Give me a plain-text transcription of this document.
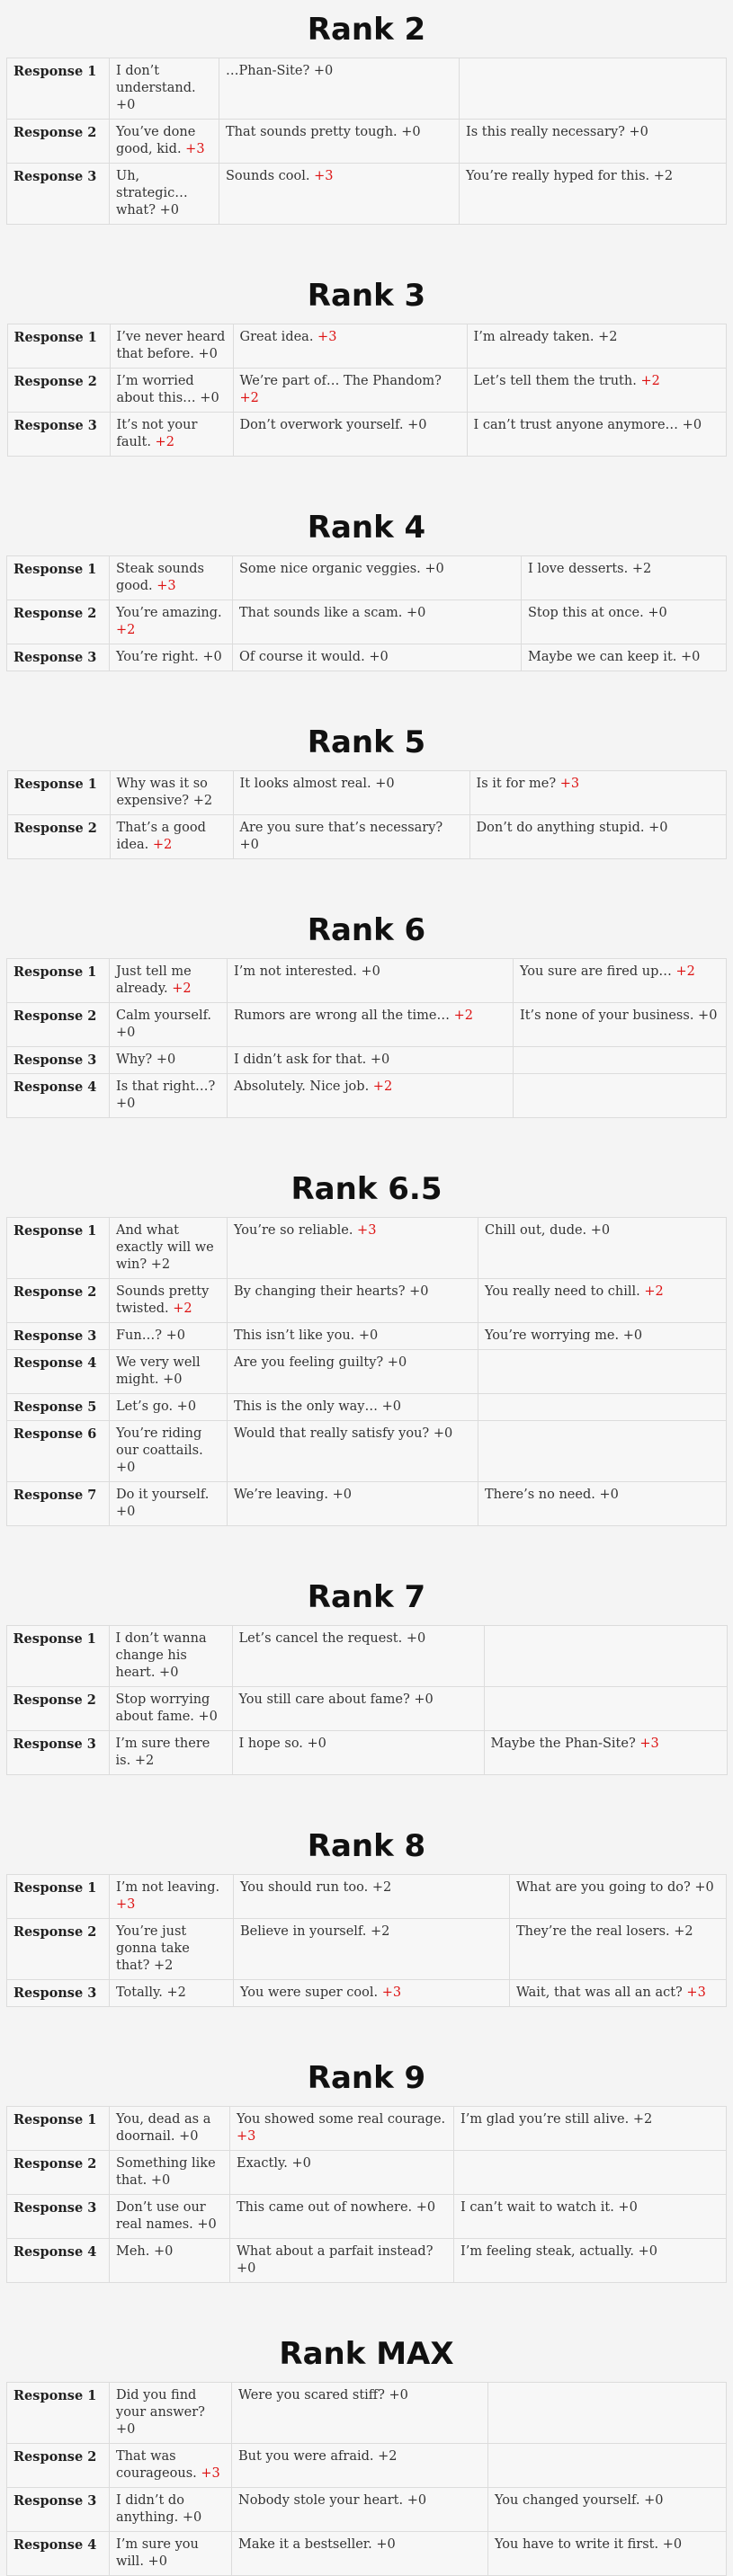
Rank 2
Response 1	I don’t understand. +0	…Phan-Site? +0	
Response 2	You’ve done good, kid. +3	That sounds pretty tough. +0	Is this really necessary? +0
Response 3	Uh, strategic… what? +0	Sounds cool. +3	You’re really hyped for this. +2
Rank 3
Response 1	I’ve never heard that before. +0	Great idea. +3	I’m already taken. +2
Response 2	I’m worried about this… +0	We’re part of… The Phandom? +2	Let’s tell them the truth. +2
Response 3	It’s not your fault. +2	Don’t overwork yourself. +0	I can’t trust anyone anymore… +0
Rank 4
Response 1	Steak sounds good. +3	Some nice organic veggies. +0	I love desserts. +2
Response 2	You’re amazing. +2	That sounds like a scam. +0	Stop this at once. +0
Response 3	You’re right. +0	Of course it would. +0	Maybe we can keep it. +0
Rank 5
Response 1	Why was it so expensive? +2	It looks almost real. +0	Is it for me? +3
Response 2	That’s a good idea. +2	Are you sure that’s necessary? +0	Don’t do anything stupid. +0
Rank 6
Response 1	Just tell me already. +2	I’m not interested. +0	You sure are fired up… +2
Response 2	Calm yourself. +0	Rumors are wrong all the time… +2	It’s none of your business. +0
Response 3	Why? +0	I didn’t ask for that. +0	
Response 4	Is that right…? +0	Absolutely. Nice job. +2	
Rank 6.5
Response 1	And what exactly will we win? +2	You’re so reliable. +3	Chill out, dude. +0
Response 2	Sounds pretty twisted. +2	By changing their hearts? +0	You really need to chill. +2
Response 3	Fun…? +0	This isn’t like you. +0	You’re worrying me. +0
Response 4	We very well might. +0	Are you feeling guilty? +0	
Response 5	Let’s go. +0	This is the only way… +0	
Response 6	You’re riding our coattails. +0	Would that really satisfy you? +0	
Response 7	Do it yourself. +0	We’re leaving. +0	There’s no need. +0
Rank 7
Response 1	I don’t wanna change his heart. +0	Let’s cancel the request. +0	
Response 2	Stop worrying about fame. +0	You still care about fame? +0	
Response 3	I’m sure there is. +2	I hope so. +0	Maybe the Phan-Site? +3
Rank 8
Response 1	I’m not leaving. +3	You should run too. +2	What are you going to do? +0
Response 2	You’re just gonna take that? +2	Believe in yourself. +2	They’re the real losers. +2
Response 3	Totally. +2	You were super cool. +3	Wait, that was all an act? +3
Rank 9
Response 1	You, dead as a doornail. +0	You showed some real courage. +3	I’m glad you’re still alive. +2
Response 2	Something like that. +0	Exactly. +0	
Response 3	Don’t use our real names. +0	This came out of nowhere. +0	I can’t wait to watch it. +0
Response 4	Meh. +0	What about a parfait instead? +0	I’m feeling steak, actually. +0
Rank MAX
Response 1	Did you find your answer? +0	Were you scared stiff? +0	
Response 2	That was courageous. +3	But you were afraid. +2	
Response 3	I didn’t do anything. +0	Nobody stole your heart. +0	You changed yourself. +0
Response 4	I’m sure you will. +0	Make it a bestseller. +0	You have to write it first. +0
